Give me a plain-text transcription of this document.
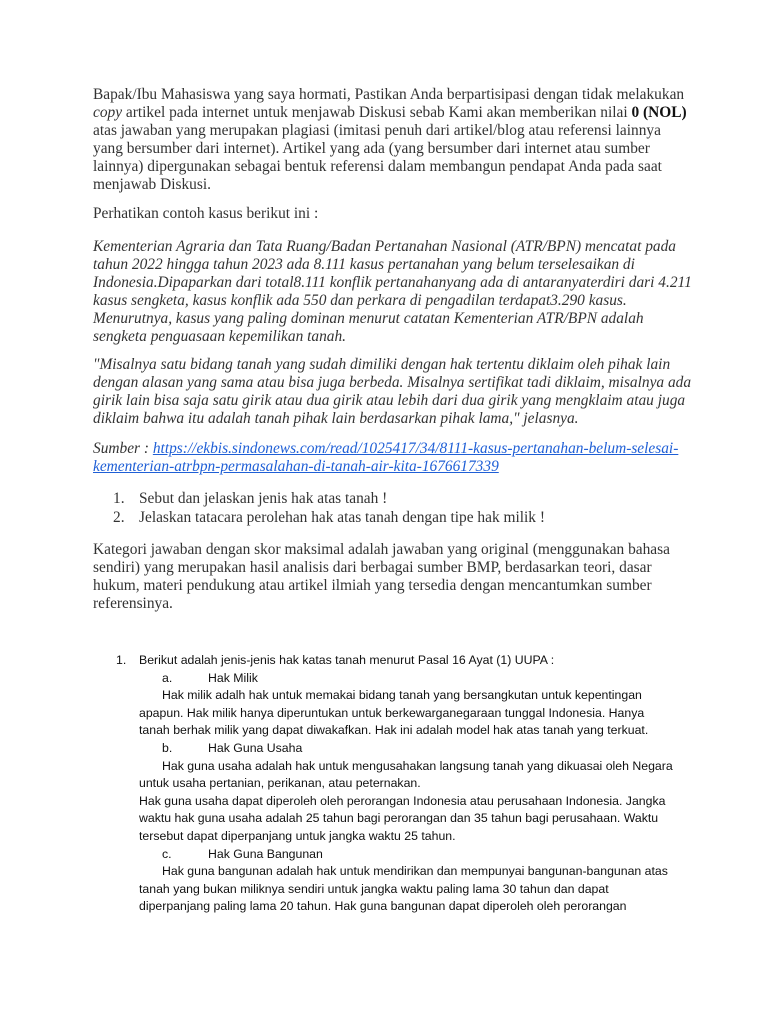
Bapak/Ibu Mahasiswa yang saya hormati, Pastikan Anda berpartisipasi dengan tidak melakukan copy artikel pada internet untuk menjawab Diskusi sebab Kami akan memberikan nilai 0 (NOL) atas jawaban yang merupakan plagiasi (imitasi penuh dari artikel/blog atau referensi lainnya yang bersumber dari internet). Artikel yang ada (yang bersumber dari internet atau sumber lainnya) dipergunakan sebagai bentuk referensi dalam membangun pendapat Anda pada saat menjawab Diskusi.
Perhatikan contoh kasus berikut ini :
Kementerian Agraria dan Tata Ruang/Badan Pertanahan Nasional (ATR/BPN) mencatat pada tahun 2022 hingga tahun 2023 ada 8.111 kasus pertanahan yang belum terselesaikan di Indonesia.Dipaparkan dari total8.111 konflik pertanahanyang ada di antaranyaterdiri dari 4.211 kasus sengketa, kasus konflik ada 550 dan perkara di pengadilan terdapat3.290 kasus. Menurutnya, kasus yang paling dominan menurut catatan Kementerian ATR/BPN adalah sengketa penguasaan kepemilikan tanah.
"Misalnya satu bidang tanah yang sudah dimiliki dengan hak tertentu diklaim oleh pihak lain dengan alasan yang sama atau bisa juga berbeda. Misalnya sertifikat tadi diklaim, misalnya ada girik lain bisa saja satu girik atau dua girik atau lebih dari dua girik yang mengklaim atau juga diklaim bahwa itu adalah tanah pihak lain berdasarkan pihak lama," jelasnya.
Sumber : https://ekbis.sindonews.com/read/1025417/34/8111-kasus-pertanahan-belum-selesai-kementerian-atrbpn-permasalahan-di-tanah-air-kita-1676617339
1. Sebut dan jelaskan jenis hak atas tanah !
2. Jelaskan tatacara perolehan hak atas tanah dengan tipe hak milik !
Kategori jawaban dengan skor maksimal adalah jawaban yang original (menggunakan bahasa sendiri) yang merupakan hasil analisis dari berbagai sumber BMP, berdasarkan teori, dasar hukum, materi pendukung atau artikel ilmiah yang tersedia dengan mencantumkan sumber referensinya.
1.	Berikut adalah jenis-jenis hak katas tanah menurut Pasal 16 Ayat (1) UUPA :
a.	Hak Milik
Hak milik adalh hak untuk memakai bidang tanah yang bersangkutan untuk kepentingan apapun. Hak milik hanya diperuntukan untuk berkewarganegaraan tunggal Indonesia. Hanya tanah berhak milik yang dapat diwakafkan. Hak ini adalah model hak atas tanah yang terkuat.
b.	Hak Guna Usaha
Hak guna usaha adalah hak untuk mengusahakan langsung tanah yang dikuasai oleh Negara untuk usaha pertanian, perikanan, atau peternakan.
Hak guna usaha dapat diperoleh oleh perorangan Indonesia atau perusahaan Indonesia. Jangka waktu hak guna usaha adalah 25 tahun bagi perorangan dan 35 tahun bagi perusahaan. Waktu tersebut dapat diperpanjang untuk jangka waktu 25 tahun.
c.	Hak Guna Bangunan
Hak guna bangunan adalah hak untuk mendirikan dan mempunyai bangunan-bangunan atas tanah yang bukan miliknya sendiri untuk jangka waktu paling lama 30 tahun dan dapat diperpanjang paling lama 20 tahun. Hak guna bangunan dapat diperoleh oleh perorangan
